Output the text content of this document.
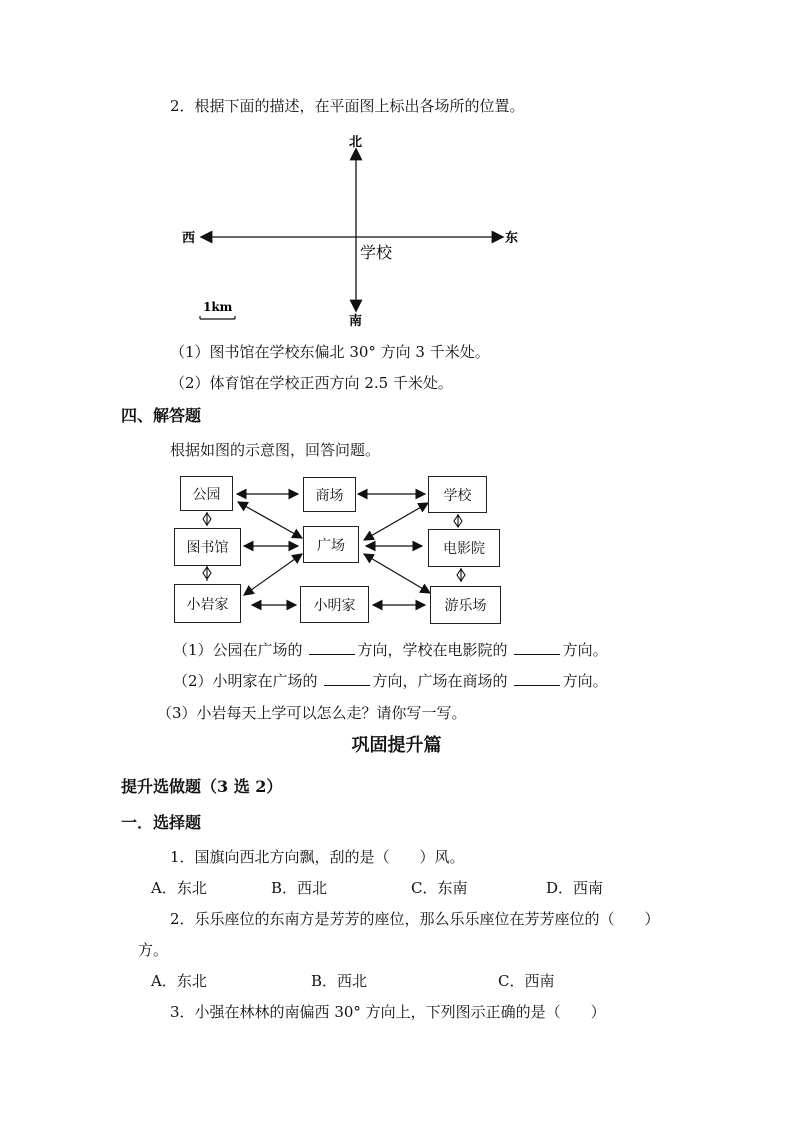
2．根据下面的描述，在平面图上标出各场所的位置。
北
南
东
西
学校
1km
（1）图书馆在学校东偏北 30° 方向 3 千米处。
（2）体育馆在学校正西方向 2.5 千米处。
四、解答题
根据如图的示意图，回答问题。
公园	商场	学校
图书馆	广场	电影院
小岩家	小明家	游乐场
（1）公园在广场的	方向，学校在电影院的	方向。
（2）小明家在广场的	方向，广场在商场的	方向。
（3）小岩每天上学可以怎么走？请你写一写。
巩固提升篇
提升选做题（3 选 2）
一．选择题
1．国旗向西北方向飘，刮的是（　　）风。
A．东北	B．西北	C．东南	D．西南
2．乐乐座位的东南方是芳芳的座位，那么乐乐座位在芳芳座位的（　　）
方。
A．东北	B．西北	C．西南
3．小强在林林的南偏西 30° 方向上，下列图示正确的是（　　）
